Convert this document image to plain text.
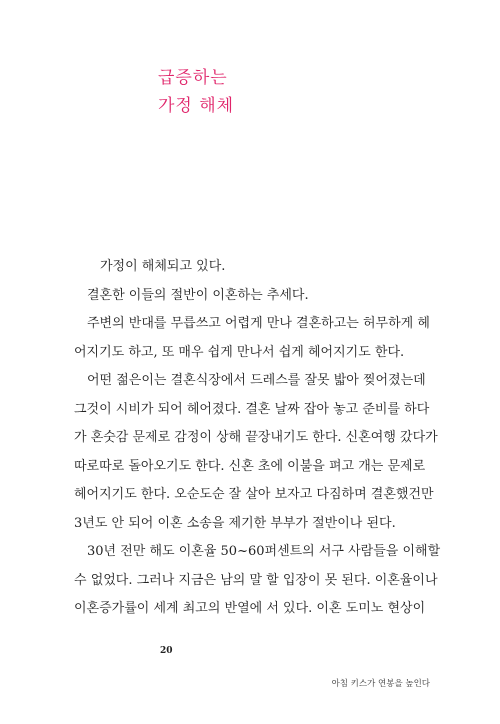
급증하는
가정 해체
　　가정이 해체되고 있다.
결혼한 이들의 절반이 이혼하는 추세다.
주변의 반대를 무릅쓰고 어렵게 만나 결혼하고는 허무하게 헤
어지기도 하고, 또 매우 쉽게 만나서 쉽게 헤어지기도 한다.
어떤 젊은이는 결혼식장에서 드레스를 잘못 밟아 찢어졌는데
그것이 시비가 되어 헤어졌다. 결혼 날짜 잡아 놓고 준비를 하다
가 혼숫감 문제로 감정이 상해 끝장내기도 한다. 신혼여행 갔다가
따로따로 돌아오기도 한다. 신혼 초에 이불을 펴고 개는 문제로
헤어지기도 한다. 오순도순 잘 살아 보자고 다짐하며 결혼했건만
3년도 안 되어 이혼 소송을 제기한 부부가 절반이나 된다.
30년 전만 해도 이혼율 50~60퍼센트의 서구 사람들을 이해할
수 없었다. 그러나 지금은 남의 말 할 입장이 못 된다. 이혼율이나
이혼증가률이 세계 최고의 반열에 서 있다. 이혼 도미노 현상이
20
아침 키스가 연봉을 높인다
